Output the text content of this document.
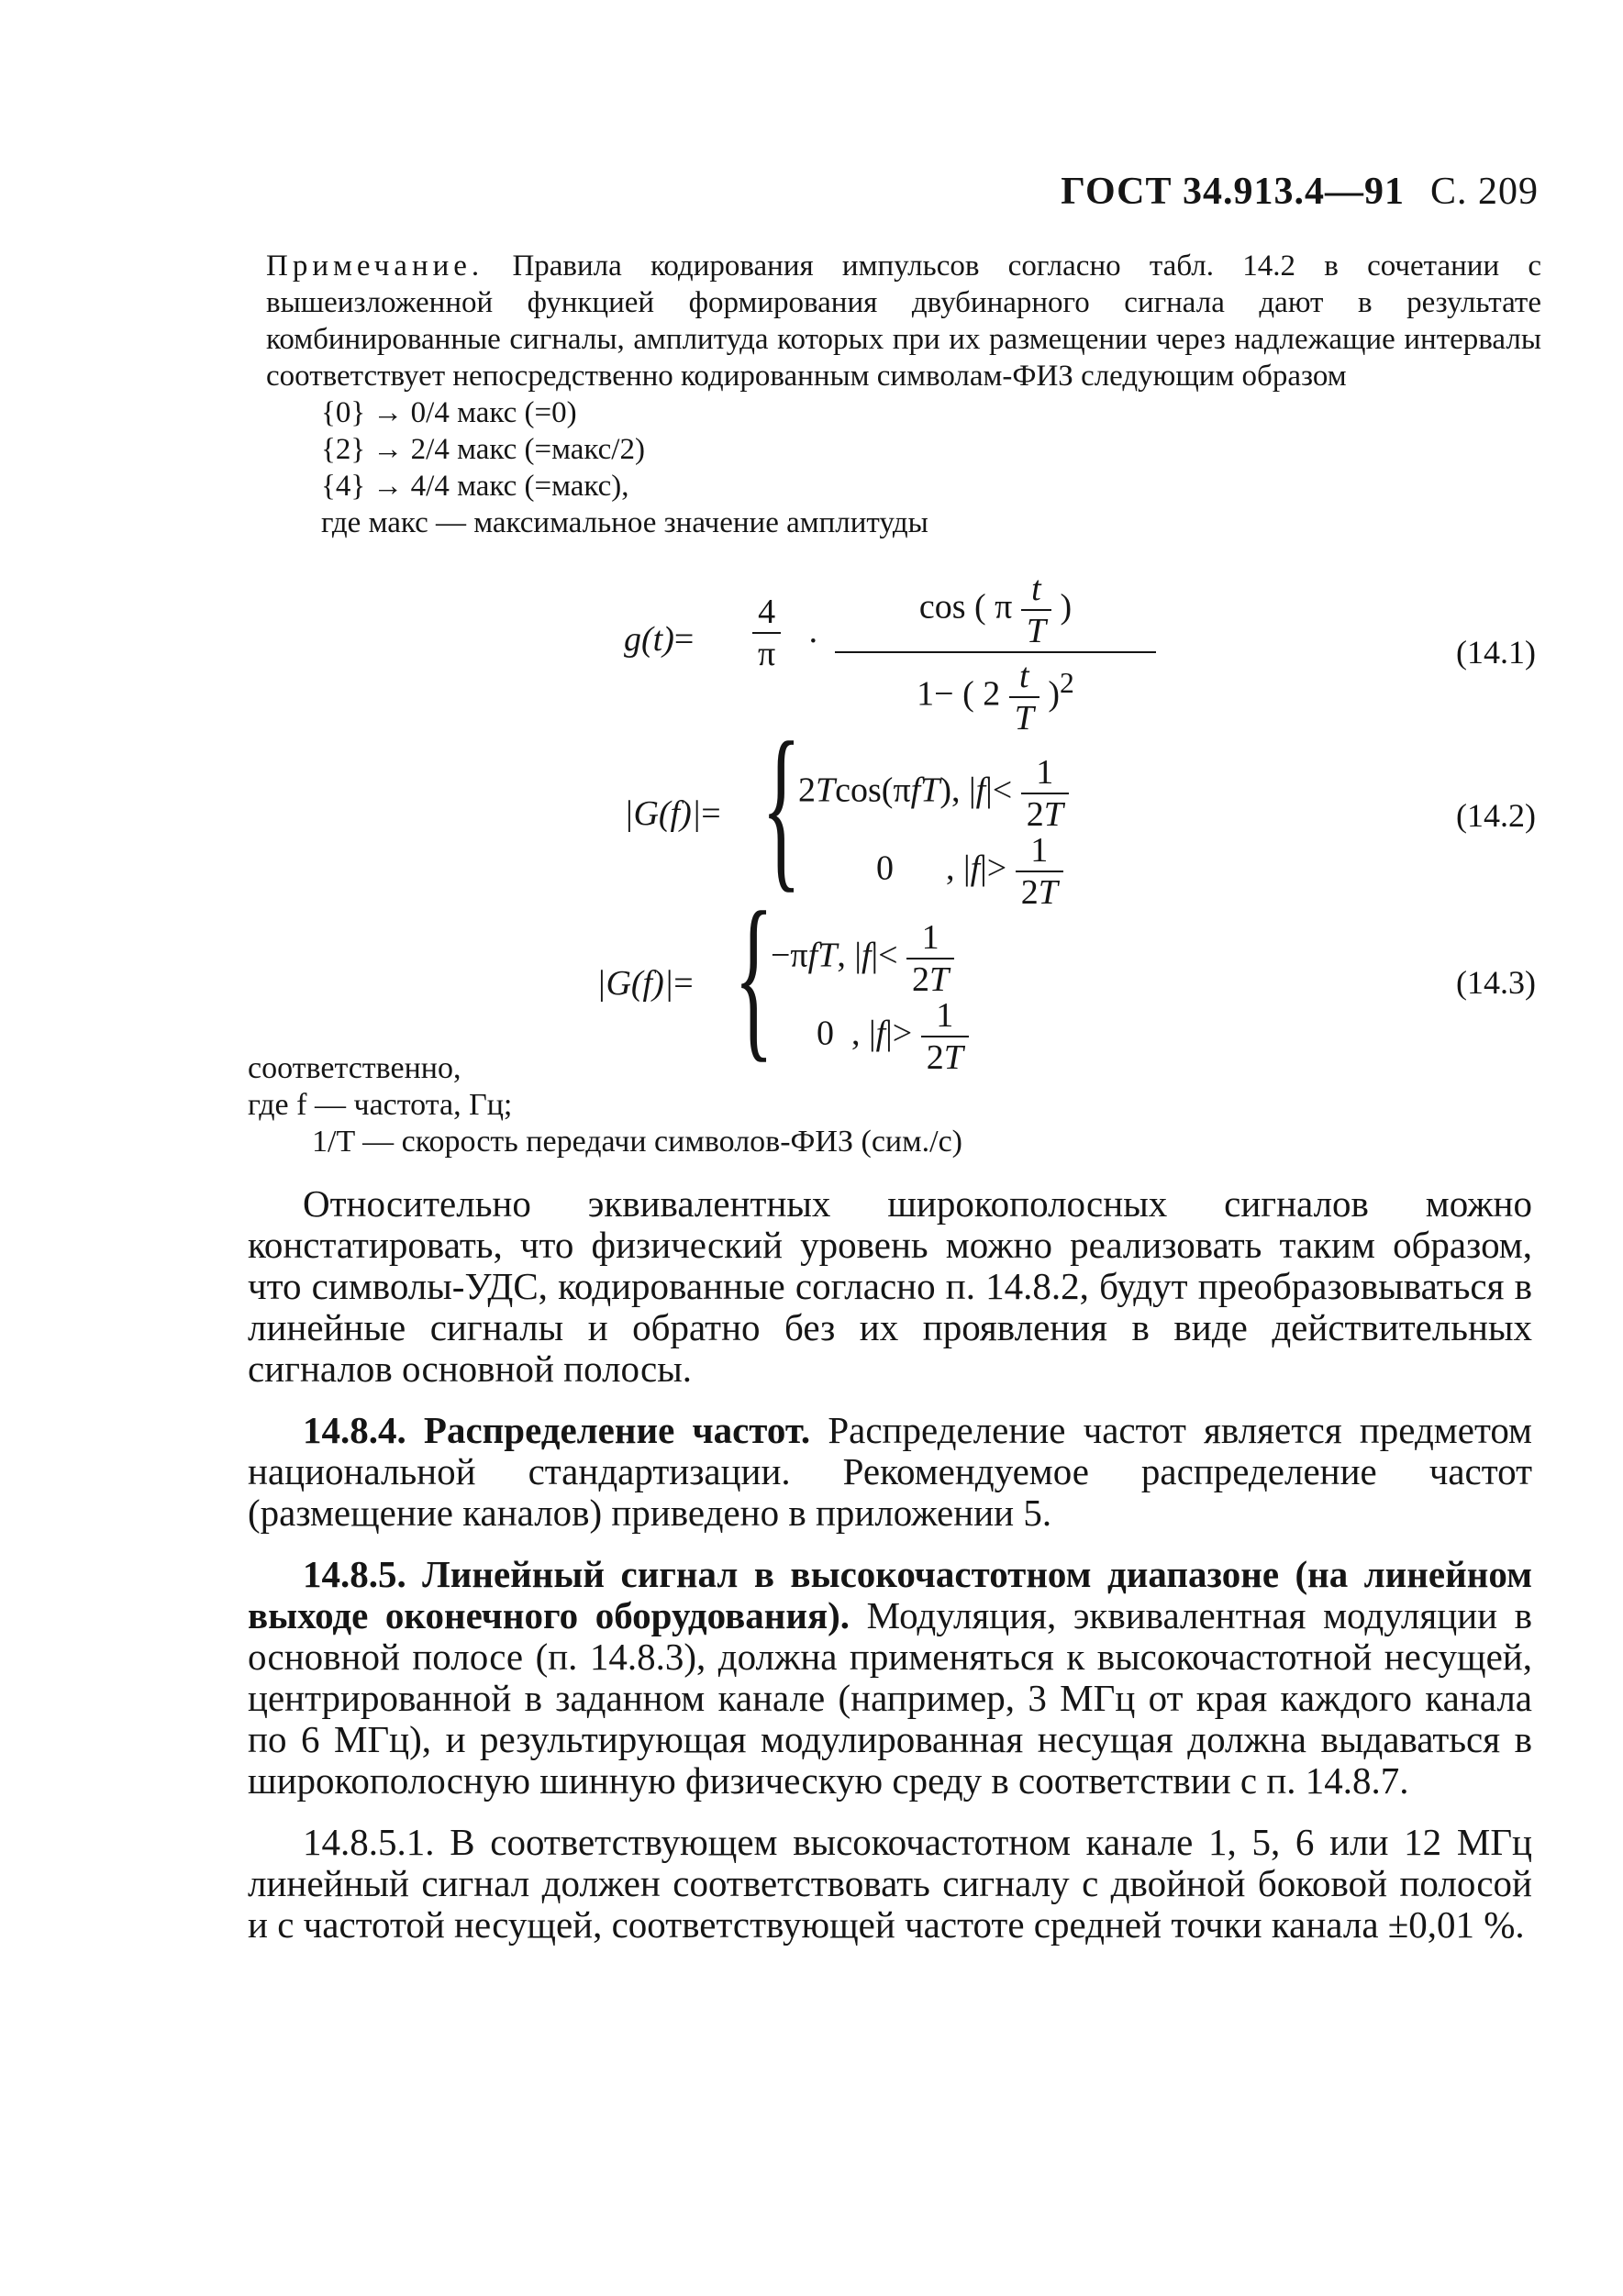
ГОСТ 34.913.4—91 С. 209

Примечание. Правила кодирования импульсов согласно табл. 14.2 в сочетании с вышеизложенной функцией формирования двубинарного сигнала дают в результате комбинированные сигналы, амплитуда которых при их размещении через надлежащие интервалы соответствует непосредственно кодированным символам-ФИЗ следующим образом

{0} → 0/4 макс (=0)

{2} → 2/4 макс (=макс/2)

{4} → 4/4 макс (=макс),

где макс — максимальное значение амплитуды

$g(t)= \frac{4}{\pi}$ ·
cos ( π $\frac{t}{T}$ )
1− ( $2 \frac{t}{T} )^2$
(14.1)
|G(f)|= {
2Tcos(πfT), $|f|< \frac{1}{2T}$
0      , $|f|> \frac{1}{2T}$
(14.2)
|G(f)|= {
−πfT, $|f|< \frac{1}{2T}$
0  , $|f|> \frac{1}{2T}$
(14.3)

соответственно,

где f — частота, Гц;

1/T — скорость передачи символов-ФИЗ (сим./с)

Относительно эквивалентных широкополосных сигналов можно констатировать, что физический уровень можно реализовать таким образом, что символы-УДС, кодированные согласно п. 14.8.2, будут преобразовываться в линейные сигналы и обратно без их проявления в виде действительных сигналов основной полосы.

14.8.4. Распределение частот. Распределение частот является предметом национальной стандартизации. Рекомендуемое распределение частот (размещение каналов) приведено в приложении 5.

14.8.5. Линейный сигнал в высокочастотном диапазоне (на линейном выходе оконечного оборудования). Модуляция, эквивалентная модуляции в основной полосе (п. 14.8.3), должна применяться к высокочастотной несущей, центрированной в заданном канале (например, 3 МГц от края каждого канала по 6 МГц), и результирующая модулированная несущая должна выдаваться в широкополосную шинную физическую среду в соответствии с п. 14.8.7.

14.8.5.1. В соответствующем высокочастотном канале 1, 5, 6 или 12 МГц линейный сигнал должен соответствовать сигналу с двойной боковой полосой и с частотой несущей, соответствующей частоте средней точки канала ±0,01 %.
